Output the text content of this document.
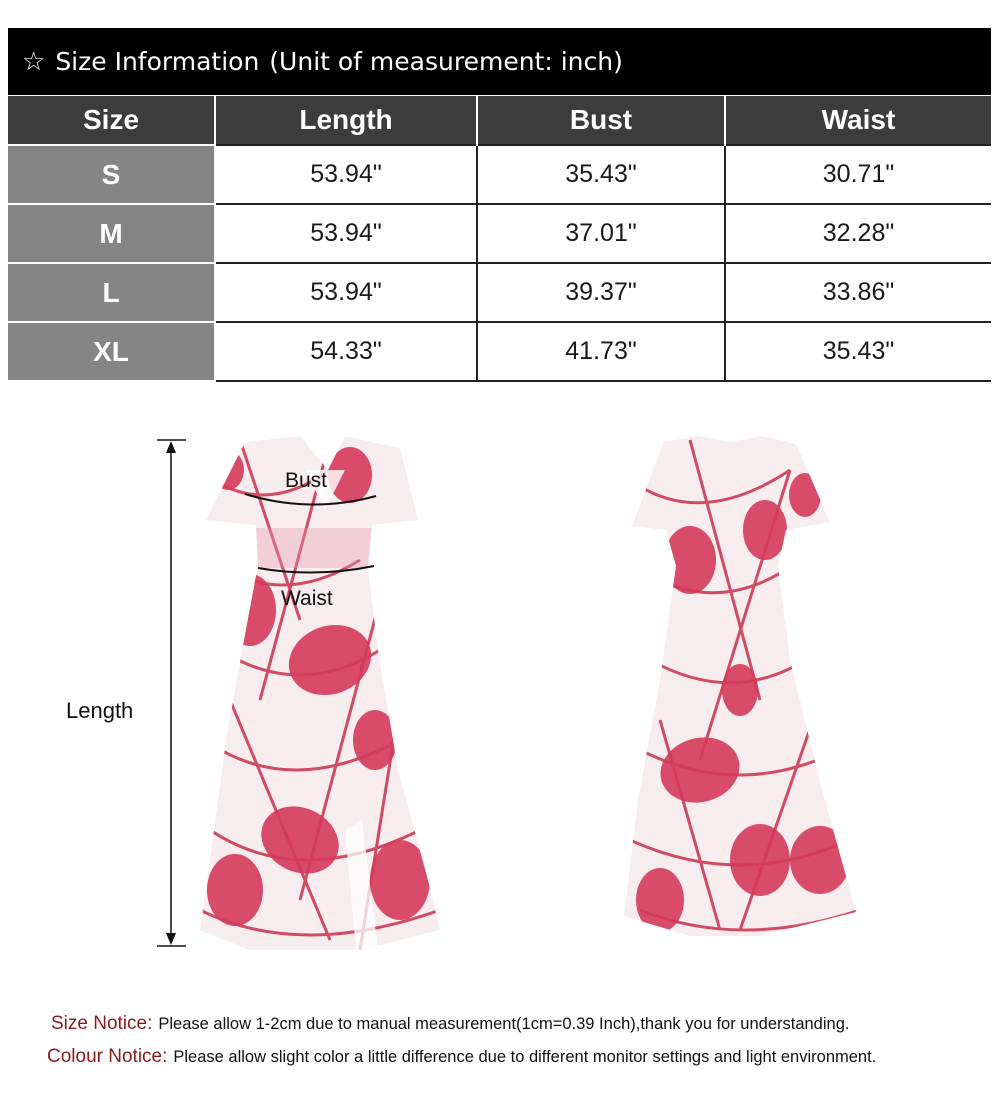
☆ Size Information (Unit of measurement: inch)
Size	Length	Bust	Waist
S	53.94"	35.43"	30.71"
M	53.94"	37.01"	32.28"
L	53.94"	39.37"	33.86"
XL	54.33"	41.73"	35.43"
Bust
Waist
Length
Size Notice: Please allow 1-2cm due to manual measurement(1cm=0.39 Inch),thank you for understanding.
Colour Notice: Please allow slight color a little difference due to different monitor settings and light environment.
